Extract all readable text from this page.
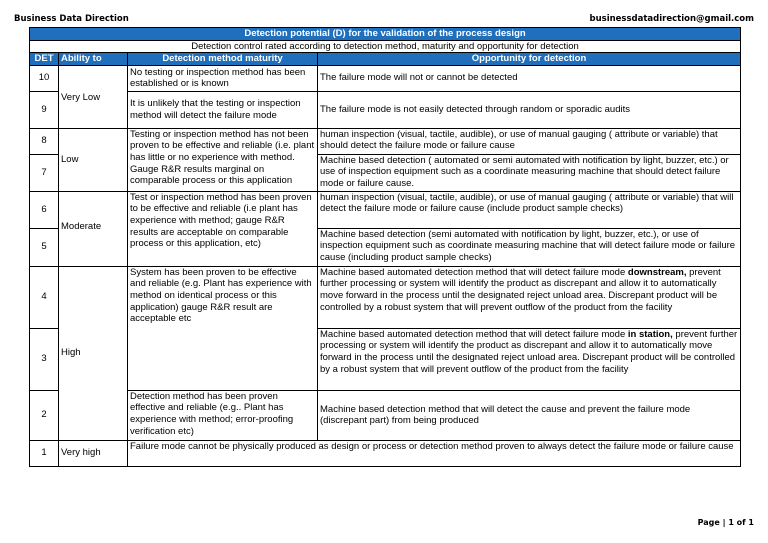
Business Data Direction	businessdatadirection@gmail.com
Detection potential (D) for the validation of the process design			
Detection control rated according to detection method, maturity and opportunity for detection			
DET	Ability to	Detection method maturity	Opportunity for detection
10	Very Low	No testing or inspection method has been established or is known	The failure mode will not or cannot be detected
9		It is unlikely that the testing or inspection method will detect the failure mode	The failure mode is not easily detected through random or sporadic audits
8	Low	Testing or inspection method has not been proven to be effective and reliable (i.e. plant has little or no experience with method. Gauge R&R results marginal on comparable process or this application	human inspection (visual, tactile, audible), or use of manual gauging ( attribute or variable) that should detect the failure mode or failure cause
7			Machine based detection ( automated or semi automated with notification by light, buzzer, etc.) or use of inspection equipment such as a coordinate measuring machine that should detect failure mode or failure cause.
6	Moderate	Test or inspection method has been proven to be effective and reliable (i.e plant has experience with method; gauge R&R results are acceptable on comparable process or this application, etc)	human inspection (visual, tactile, audible), or use of manual gauging ( attribute or variable) that will detect the failure mode or failure cause (include product sample checks)
5			Machine based detection (semi automated with notification by light, buzzer, etc.), or use of inspection equipment such as coordinate measuring machine that will detect failure mode or failure cause (including product sample checks)
4	High	System has been proven to be effective and reliable (e.g. Plant has experience with method on identical process or this application) gauge R&R result are acceptable etc	Machine based automated detection method that will detect failure mode downstream, prevent further processing or system will identify the product as discrepant and allow it to automatically move forward in the process until the designated reject unload area. Discrepant product will be controlled by a robust system that will prevent outflow of the product from the facility
3			Machine based automated detection method that will detect failure mode in station, prevent further processing or system will identify the product as discrepant and allow it to automatically move forward in the process until the designated reject unload area. Discrepant product will be controlled by a robust system that will prevent outflow of the product from the facility
2		Detection method has been proven effective and reliable (e.g.. Plant has experience with method; error-proofing verification etc)	Machine based detection method that will detect the cause and prevent the failure mode (discrepant part) from being produced
1	Very high	Failure mode cannot be physically produced as design or process or detection method proven to always detect the failure mode or failure cause	
Page | 1 of 1
